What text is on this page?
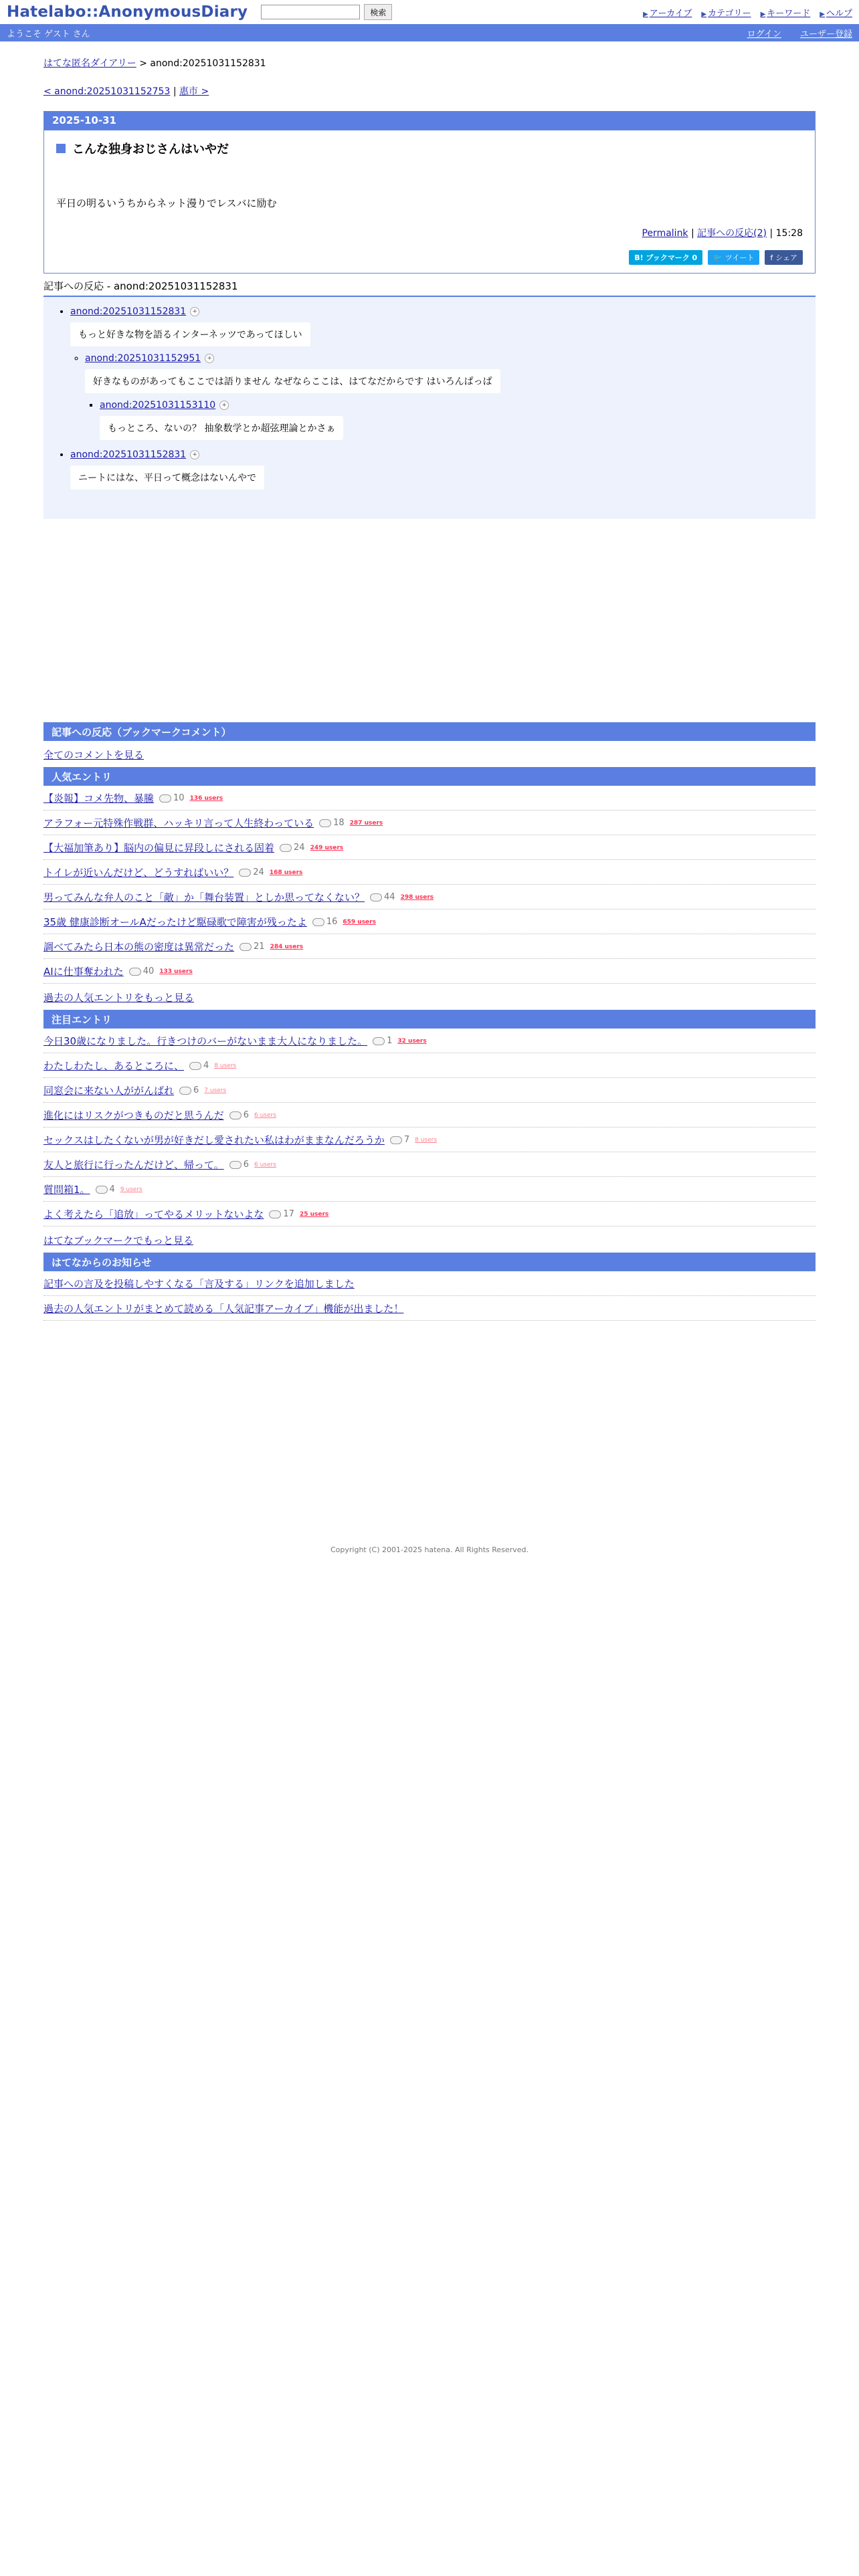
Hatelabo::AnonymousDiary	検索	▶ アーカイブ ▶ カテゴリー ▶ キーワード ▶ ヘルプ
ようこそ ゲスト さん	ログイン ユーザー登録
はてな匿名ダイアリー > anond:20251031152831
< anond:20251031152753 | 惠市 >
2025-10-31
こんな独身おじさんはいやだ
平日の明るいうちからネット漫りでレスバに励む
Permalink | 記事への反応(2) | 15:28
B! ブックマーク 0	🐦 ツイート f シェア
記事への反応 - anond:20251031152831
• anond:20251031152831 +
もっと好きな物を語るインターネッツであってほしい
◦ anond:20251031152951 +
好きなものがあってもここでは語りません なぜならここは、はてなだからです はいろんぱっぱ
▪ anond:20251031153110 +
もっところ、ないの？ 抽象数学とか超弦理論とかさぁ
• anond:20251031152831 +
ニートにはな、平日って概念はないんやで
記事への反応（ブックマークコメント）
全てのコメントを見る
人気エントリ
【炎報】コメ先物、暴騰 10 136 users
アラフォー元特殊作戦群、ハッキリ言って人生終わっている 18 287 users
【大福加筆あり】脳内の偏見に昇段しにされる固着 24 249 users
トイレが近いんだけど、どうすればいい？ 24 168 users
男ってみんな弁人のこと「敵」か「舞台装置」としか思ってなくない？ 44 298 users
35歳 健康診断オールAだったけど駆碌歌で障害が残ったよ 16 659 users
調べてみたら日本の熊の密度は異常だった 21 284 users
AIに仕事奪われた 40 133 users
過去の人気エントリをもっと見る
注目エントリ
今日30歳になりました。行きつけのバーがないまま大人になりました。 1 32 users
わたしわたし、あるところに、 4 8 users
同窓会に来ない人ががんばれ 6 7 users
進化にはリスクがつきものだと思うんだ 6 6 users
セックスはしたくないが男が好きだし愛されたい私はわがままなんだろうか 7 8 users
友人と旅行に行ったんだけど、帰って。 6 6 users
質問箱1。 4 9 users
よく考えたら「追放」ってやるメリットないよな 17 25 users
はてなブックマークでもっと見る
はてなからのお知らせ
記事への言及を投稿しやすくなる「言及する」リンクを追加しました
過去の人気エントリがまとめて読める「人気記事アーカイブ」機能が出ました！
Copyright (C) 2001-2025 hatena. All Rights Reserved.
